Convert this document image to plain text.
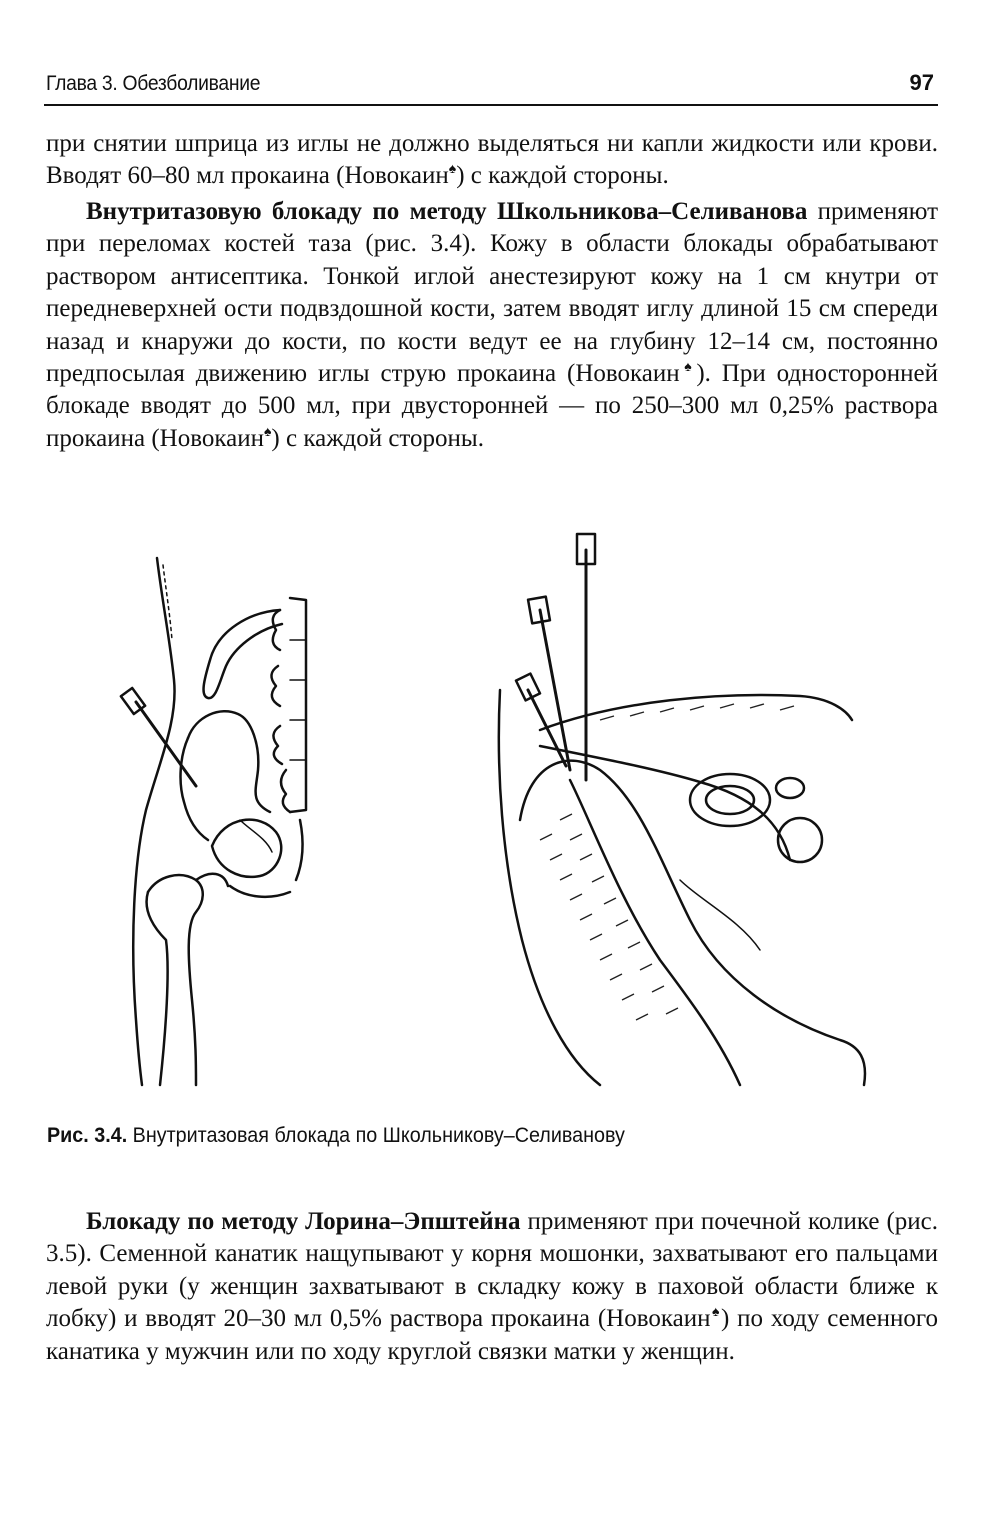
Глава 3. Обезболивание	97

при снятии шприца из иглы не должно выделяться ни капли жидкости или крови. Вводят 60–80 мл прокаина (Новокаин♠) с каждой стороны.

Внутритазовую блокаду по методу Школьникова–Селиванова применяют при переломах костей таза (рис. 3.4). Кожу в области блокады обрабатывают раствором антисептика. Тонкой иглой анестезируют кожу на 1 см кнутри от передневерхней ости подвздошной кости, затем вводят иглу длиной 15 см спереди назад и кнаружи до кости, по кости ведут ее на глубину 12–14 см, постоянно предпосылая движению иглы струю прокаина (Новокаин♠). При односторонней блокаде вводят до 500 мл, при двусторонней — по 250–300 мл 0,25% раствора прокаина (Новокаин♠) с каждой стороны.

Рис. 3.4. Внутритазовая блокада по Школьникову–Селиванову

Блокаду по методу Лорина–Эпштейна применяют при почечной колике (рис. 3.5). Семенной канатик нащупывают у корня мошонки, захватывают его пальцами левой руки (у женщин захватывают в складку кожу в паховой области ближе к лобку) и вводят 20–30 мл 0,5% раствора прокаина (Новокаин♠) по ходу семенного канатика у мужчин или по ходу круглой связки матки у женщин.
